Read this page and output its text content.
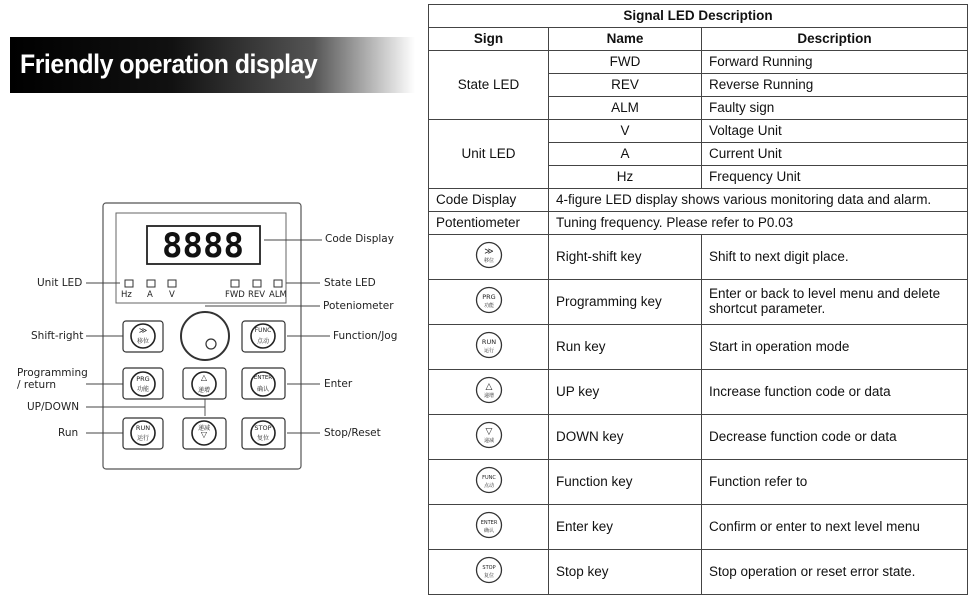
Friendly operation display
8888
≫
移位
FUNC
点动
PRG
功能
△
递增
ENTER
确认
RUN
运行
递减
▽
STOP
复位
Hz A V	FWD REV ALM
Code Display
Unit LED	State LED
Poteniometer
Shift-right	Function/Jog
Programming
/ return	Enter
UP/DOWN
Run	Stop/Reset
Signal LED Description		
Sign	Name	Description
State LED	FWD	Forward Running
	REV	Reverse Running
	ALM	Faulty sign
Unit LED	V	Voltage Unit
	A	Current Unit
	Hz	Frequency Unit
Code Display	4-figure LED display shows various monitoring data and alarm.	
Potentiometer	Tuning frequency. Please refer to P0.03	

≫
移位	Right-shift key	Shift to next digit place.

PRG
功能	Programming key	Enter or back to level menu and delete shortcut parameter.

RUN
运行	Run key	Start in operation mode

△
递增	UP key	Increase function code or data

▽
递减	DOWN key	Decrease function code or data

FUNC
点动	Function key	Function refer to

ENTER
确认	Enter key	Confirm or enter to next level menu

STOP
复位	Stop key	Stop operation or reset error state.
